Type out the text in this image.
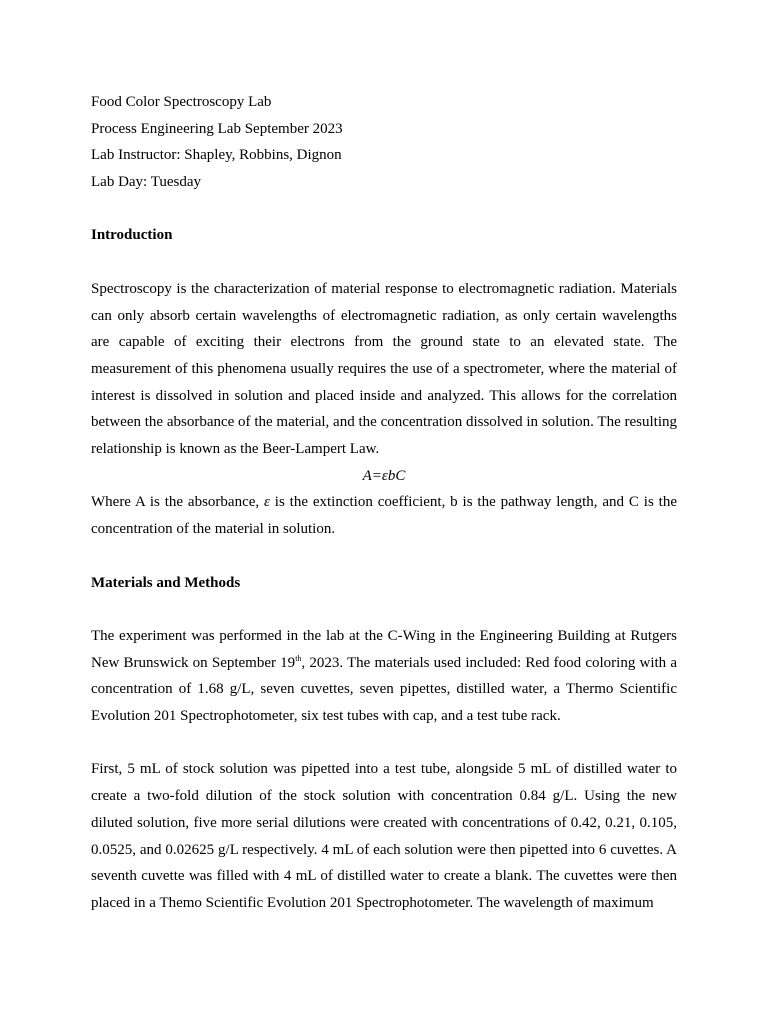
Food Color Spectroscopy Lab
Process Engineering Lab September 2023
Lab Instructor: Shapley, Robbins, Dignon
Lab Day: Tuesday
Introduction

Spectroscopy is the characterization of material response to electromagnetic radiation. Materials can only absorb certain wavelengths of electromagnetic radiation, as only certain wavelengths are capable of exciting their electrons from the ground state to an elevated state. The measurement of this phenomena usually requires the use of a spectrometer, where the material of interest is dissolved in solution and placed inside and analyzed. This allows for the correlation between the absorbance of the material, and the concentration dissolved in solution. The resulting relationship is known as the Beer-Lampert Law.

A=εbC

Where A is the absorbance, ε is the extinction coefficient, b is the pathway length, and C is the concentration of the material in solution.

Materials and Methods

The experiment was performed in the lab at the C-Wing in the Engineering Building at Rutgers New Brunswick on September 19th, 2023. The materials used included: Red food coloring with a concentration of 1.68 g/L, seven cuvettes, seven pipettes, distilled water, a Thermo Scientific Evolution 201 Spectrophotometer, six test tubes with cap, and a test tube rack.

First, 5 mL of stock solution was pipetted into a test tube, alongside 5 mL of distilled water to create a two-fold dilution of the stock solution with concentration 0.84 g/L. Using the new diluted solution, five more serial dilutions were created with concentrations of 0.42, 0.21, 0.105, 0.0525, and 0.02625 g/L respectively. 4 mL of each solution were then pipetted into 6 cuvettes. A seventh cuvette was filled with 4 mL of distilled water to create a blank. The cuvettes were then placed in a Themo Scientific Evolution 201 Spectrophotometer. The wavelength of maximum
